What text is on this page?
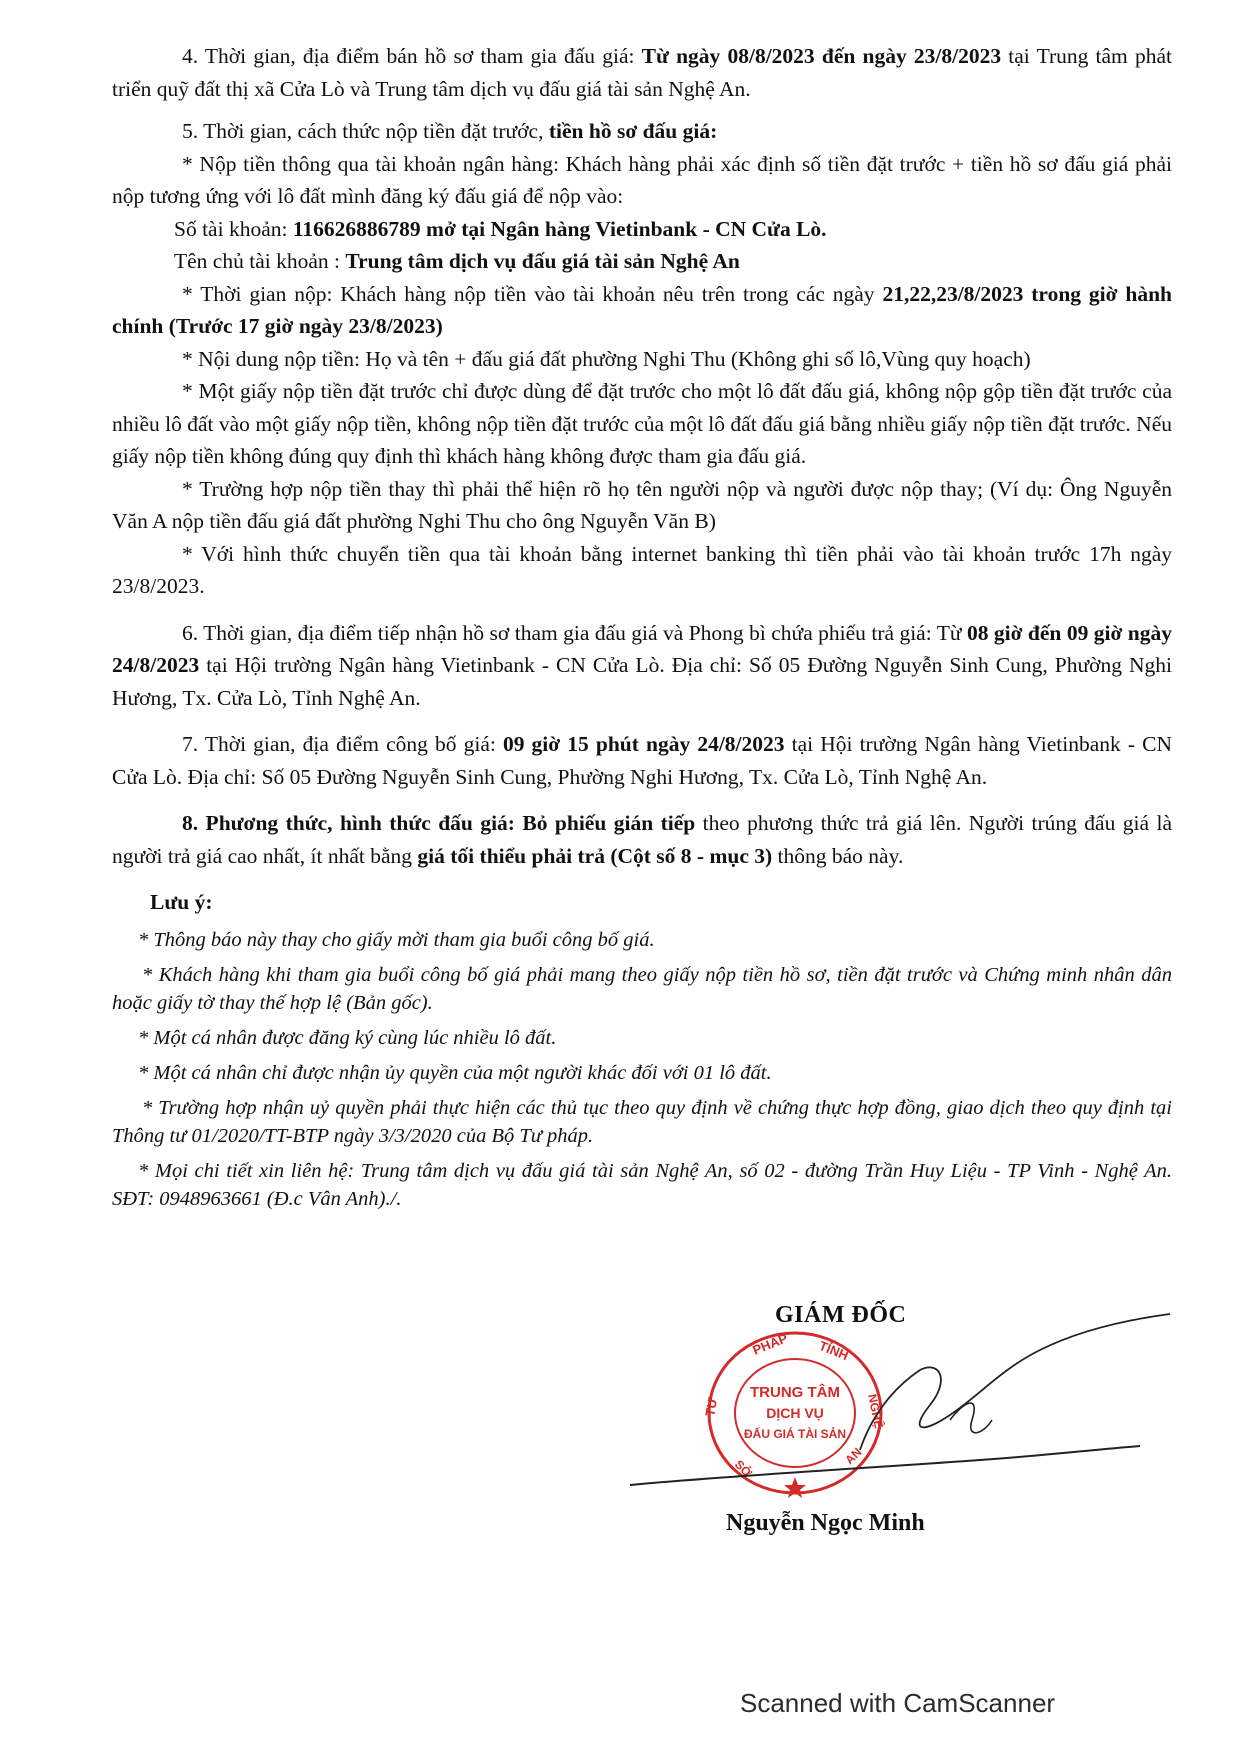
4. Thời gian, địa điểm bán hồ sơ tham gia đấu giá: Từ ngày 08/8/2023 đến ngày 23/8/2023 tại Trung tâm phát triển quỹ đất thị xã Cửa Lò và Trung tâm dịch vụ đấu giá tài sản Nghệ An.

5. Thời gian, cách thức nộp tiền đặt trước, tiền hồ sơ đấu giá:

* Nộp tiền thông qua tài khoản ngân hàng: Khách hàng phải xác định số tiền đặt trước + tiền hồ sơ đấu giá phải nộp tương ứng với lô đất mình đăng ký đấu giá để nộp vào:

Số tài khoản: 116626886789 mở tại Ngân hàng Vietinbank - CN Cửa Lò.

Tên chủ tài khoản : Trung tâm dịch vụ đấu giá tài sản Nghệ An

* Thời gian nộp: Khách hàng nộp tiền vào tài khoản nêu trên trong các ngày 21,22,23/8/2023 trong giờ hành chính (Trước 17 giờ ngày 23/8/2023)

* Nội dung nộp tiền: Họ và tên + đấu giá đất phường Nghi Thu (Không ghi số lô,Vùng quy hoạch)

* Một giấy nộp tiền đặt trước chỉ được dùng để đặt trước cho một lô đất đấu giá, không nộp gộp tiền đặt trước của nhiều lô đất vào một giấy nộp tiền, không nộp tiền đặt trước của một lô đất đấu giá bằng nhiều giấy nộp tiền đặt trước. Nếu giấy nộp tiền không đúng quy định thì khách hàng không được tham gia đấu giá.

* Trường hợp nộp tiền thay thì phải thể hiện rõ họ tên người nộp và người được nộp thay; (Ví dụ: Ông Nguyễn Văn A nộp tiền đấu giá đất phường Nghi Thu cho ông Nguyễn Văn B)

* Với hình thức chuyển tiền qua tài khoản bằng internet banking thì tiền phải vào tài khoản trước 17h ngày 23/8/2023.

6. Thời gian, địa điểm tiếp nhận hồ sơ tham gia đấu giá và Phong bì chứa phiếu trả giá: Từ 08 giờ đến 09 giờ ngày 24/8/2023 tại Hội trường Ngân hàng Vietinbank - CN Cửa Lò. Địa chỉ: Số 05 Đường Nguyễn Sinh Cung, Phường Nghi Hương, Tx. Cửa Lò, Tỉnh Nghệ An.

7. Thời gian, địa điểm công bố giá: 09 giờ 15 phút ngày 24/8/2023 tại Hội trường Ngân hàng Vietinbank - CN Cửa Lò. Địa chỉ: Số 05 Đường Nguyễn Sinh Cung, Phường Nghi Hương, Tx. Cửa Lò, Tỉnh Nghệ An.

8. Phương thức, hình thức đấu giá: Bỏ phiếu gián tiếp theo phương thức trả giá lên. Người trúng đấu giá là người trả giá cao nhất, ít nhất bằng giá tối thiểu phải trả (Cột số 8 - mục 3) thông báo này.

Lưu ý:

* Thông báo này thay cho giấy mời tham gia buổi công bố giá.

* Khách hàng khi tham gia buổi công bố giá phải mang theo giấy nộp tiền hồ sơ, tiền đặt trước và Chứng minh nhân dân hoặc giấy tờ thay thế hợp lệ (Bản gốc).

* Một cá nhân được đăng ký cùng lúc nhiều lô đất.

* Một cá nhân chỉ được nhận ủy quyền của một người khác đối với 01 lô đất.

* Trường hợp nhận uỷ quyền phải thực hiện các thủ tục theo quy định về chứng thực hợp đồng, giao dịch theo quy định tại Thông tư 01/2020/TT-BTP ngày 3/3/2020 của Bộ Tư pháp.

* Mọi chi tiết xin liên hệ: Trung tâm dịch vụ đấu giá tài sản Nghệ An, số 02 - đường Trần Huy Liệu - TP Vinh - Nghệ An. SĐT: 0948963661 (Đ.c Vân Anh)./.

GIÁM ĐỐC
PHÁP TỈNH
TRUNG TÂM
DỊCH VỤ
ĐẤU GIÁ TÀI SẢN
TƯ	NGHỆ
SỞ
AN
Nguyễn Ngọc Minh
Scanned with CamScanner
